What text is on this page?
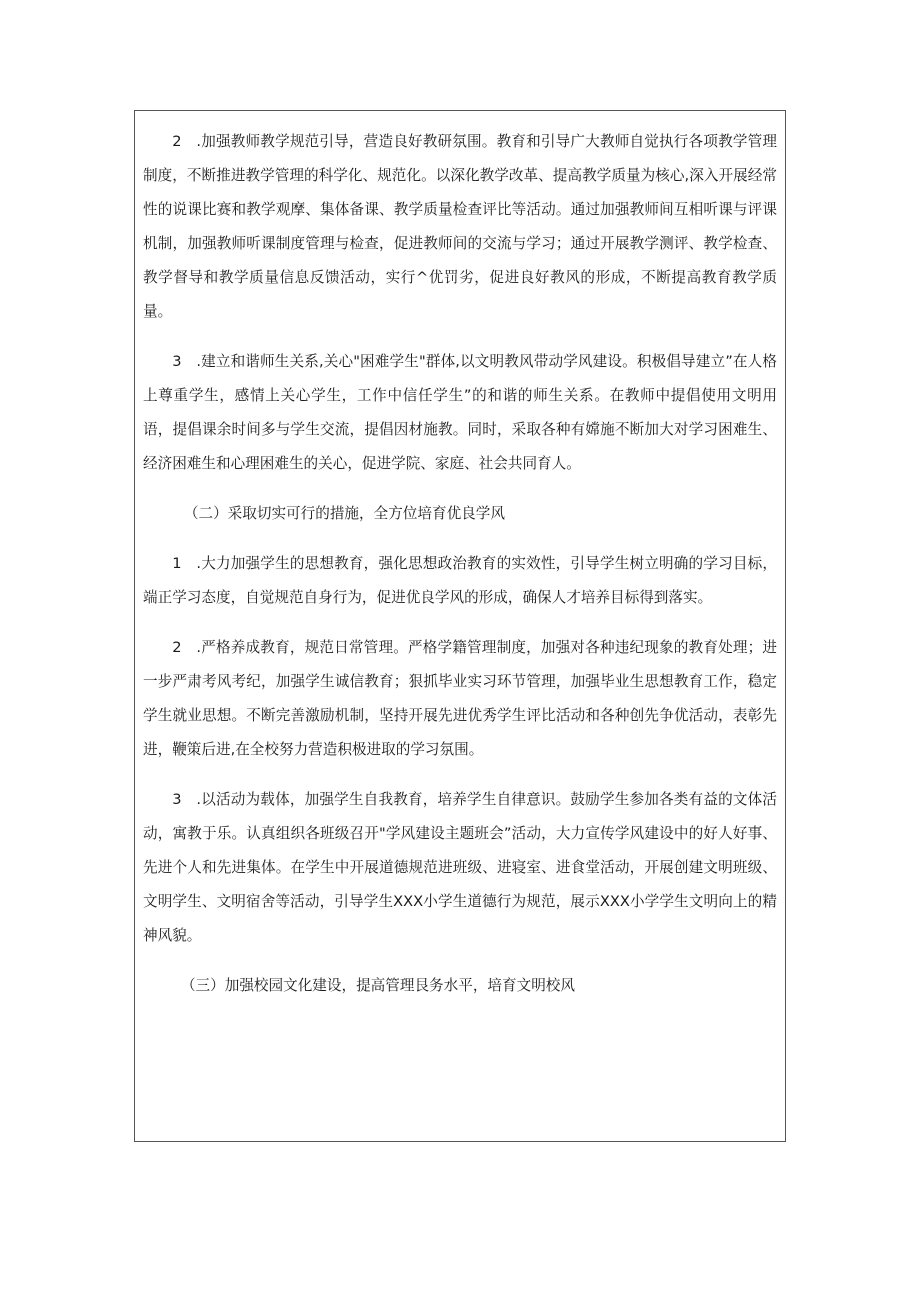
2　.加强教师教学规范引导，营造良好教研氛围。教育和引导广大教师自觉执行各项教学管理制度，不断推进教学管理的科学化、规范化。以深化教学改革、提高教学质量为核心,深入开展经常性的说课比赛和教学观摩、集体备课、教学质量检查评比等活动。通过加强教师间互相听课与评课机制，加强教师听课制度管理与检查，促进教师间的交流与学习；通过开展教学测评、教学检查、教学督导和教学质量信息反馈活动，实行^优罚劣，促进良好教风的形成，不断提高教育教学质量。

3　.建立和谐师生关系,关心"困难学生"群体,以文明教风带动学风建设。积极倡导建立”在人格上尊重学生，感情上关心学生，工作中信任学生”的和谐的师生关系。在教师中提倡使用文明用语，提倡课余时间多与学生交流，提倡因材施教。同时，采取各种有嫦施不断加大对学习困难生、经济困难生和心理困难生的关心，促进学院、家庭、社会共同育人。

（二）采取切实可行的措施，全方位培育优良学风

1　.大力加强学生的思想教育，强化思想政治教育的实效性，引导学生树立明确的学习目标，端正学习态度，自觉规范自身行为，促进优良学风的形成，确保人才培养目标得到落实。

2　.严格养成教育，规范日常管理。严格学籍管理制度，加强对各种违纪现象的教育处理；进一步严肃考风考纪，加强学生诚信教育；狠抓毕业实习环节管理，加强毕业生思想教育工作，稳定学生就业思想。不断完善激励机制，坚持开展先进优秀学生评比活动和各种创先争优活动，表彰先进，鞭策后进,在全校努力营造积极进取的学习氛围。

3　.以活动为载体，加强学生自我教育，培养学生自律意识。鼓励学生参加各类有益的文体活动，寓教于乐。认真组织各班级召开"学风建设主题班会”活动，大力宣传学风建设中的好人好事、先进个人和先进集体。在学生中开展道德规范进班级、进寝室、进食堂活动，开展创建文明班级、文明学生、文明宿舍等活动，引导学生XXX小学生道德行为规范，展示XXX小学学生文明向上的精神风貌。

（三）加强校园文化建设，提高管理艮务水平，培育文明校风
